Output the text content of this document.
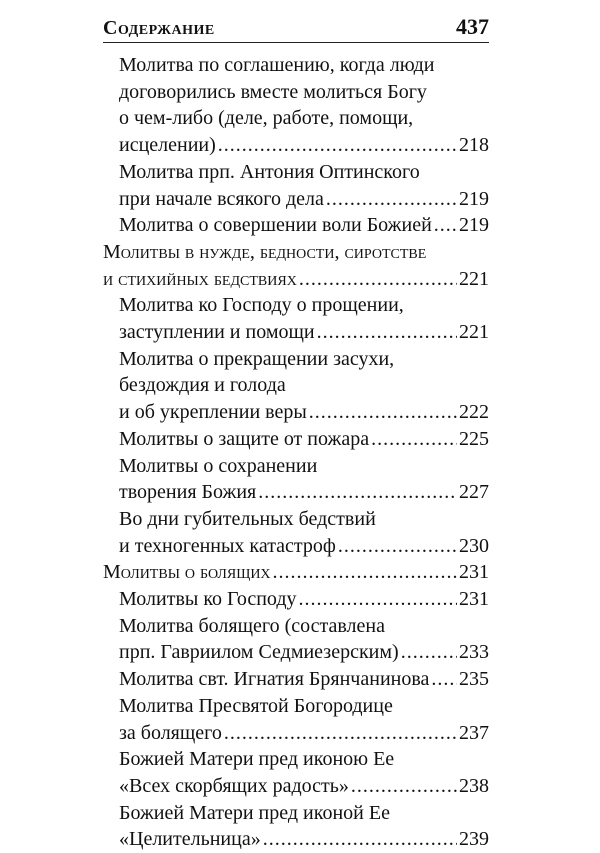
Содержание	437
Молитва по соглашению, когда люди
договорились вместе молиться Богу
о чем-либо (деле, работе, помощи,
исцелении) .....	218
Молитва прп. Антония Оптинского
при начале всякого дела .....	219
Молитва о совершении воли Божией ..... 219
Молитвы в нужде, бедности, сиротстве
и стихийных бедствиях .....	221
Молитва ко Господу о прощении,
заступлении и помощи .....	221
Молитва о прекращении засухи,
бездождия и голода
и об укреплении веры .....	222
Молитвы о защите от пожара .....	225
Молитвы о сохранении
творения Божия .....	227
Во дни губительных бедствий
и техногенных катастроф .....	230
Молитвы о болящих .....	231
Молитвы ко Господу .....	231
Молитва болящего (составлена
прп. Гавриилом Седмиезерским) .....	233
Молитва свт. Игнатия Брянчанинова ..... 235
Молитва Пресвятой Богородице
за болящего .....	237
Божией Матери пред иконою Ее
«Всех скорбящих радость» .....	238
Божией Матери пред иконой Ее
«Целительница» .....	239
